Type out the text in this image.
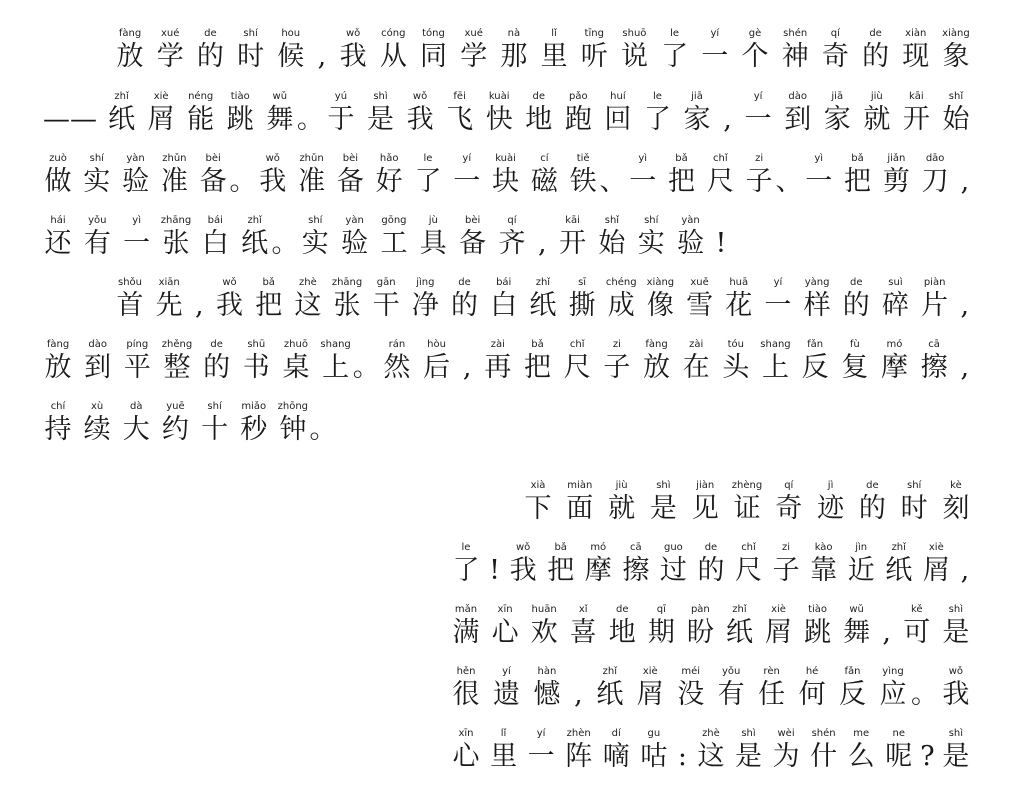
fàng
放
xué
学
de
的
shí
时
hou
候 ,
wǒ
我
cóng
从
tóng
同
xué
学
nà
那
lǐ
里
tīng
听
shuō
说
le
了
yí
一
gè
个
shén
神
qí
奇
de
的
xiàn
现
xiàng
象
——
zhǐ
纸
xiè
屑
néng
能
tiào
跳
wǔ
舞 。
yú
于
shì
是
wǒ
我
fēi
飞
kuài
快
de
地
pǎo
跑
huí
回
le
了
jiā
家 ,
yí
一
dào
到
jiā
家
jiù
就
kāi
开
shǐ
始
zuò
做
shí
实
yàn
验
zhǔn
准
bèi
备 。
wǒ
我
zhǔn
准
bèi
备
hǎo
好
le
了
yí
一
kuài
块
cí
磁
tiě
铁 、
yì
一
bǎ
把
chǐ
尺
zi
子 、
yì
一
bǎ
把
jiǎn
剪
dāo
刀 ,
hái
还
yǒu
有
yì
一
zhāng
张
bái
白
zhǐ
纸 。
shí
实
yàn
验
gōng
工
jù
具
bèi
备
qí
齐 ,
kāi
开
shǐ
始
shí
实
yàn
验 !
shǒu
首
xiān
先 ,
wǒ
我
bǎ
把
zhè
这
zhāng
张
gān
干
jìng
净
de
的
bái
白
zhǐ
纸
sī
撕
chéng
成
xiàng
像
xuě
雪
huā
花
yí
一
yàng
样
de
的
suì
碎
piàn
片 ,
fàng
放
dào
到
píng
平
zhěng
整
de
的
shū
书
zhuō
桌
shang
上 。
rán
然
hòu
后 ,
zài
再
bǎ
把
chǐ
尺
zi
子
fàng
放
zài
在
tóu
头
shang
上
fǎn
反
fù
复
mó
摩
cā
擦 ,
chí
持
xù
续
dà
大
yuē
约
shí
十
miǎo
秒
zhōng
钟 。
xià
下
miàn
面
jiù
就
shì
是
jiàn
见
zhèng
证
qí
奇
jì
迹
de
的
shí
时
kè
刻
le
了 !
wǒ
我
bǎ
把
mó
摩
cā
擦
guo
过
de
的
chǐ
尺
zi
子
kào
靠
jìn
近
zhǐ
纸
xiè
屑 ,
mǎn
满
xīn
心
huān
欢
xǐ
喜
de
地
qī
期
pàn
盼
zhǐ
纸
xiè
屑
tiào
跳
wǔ
舞 ,
kě
可
shì
是
hěn
很
yí
遗
hàn
憾 ,
zhǐ
纸
xiè
屑
méi
没
yǒu
有
rèn
任
hé
何
fǎn
反
yìng
应 。
wǒ
我
xīn
心
lǐ
里
yí
一
zhèn
阵
dí
嘀
gu
咕 :
zhè
这
shì
是
wèi
为
shén
什
me
么
ne
呢 ?
shì
是
